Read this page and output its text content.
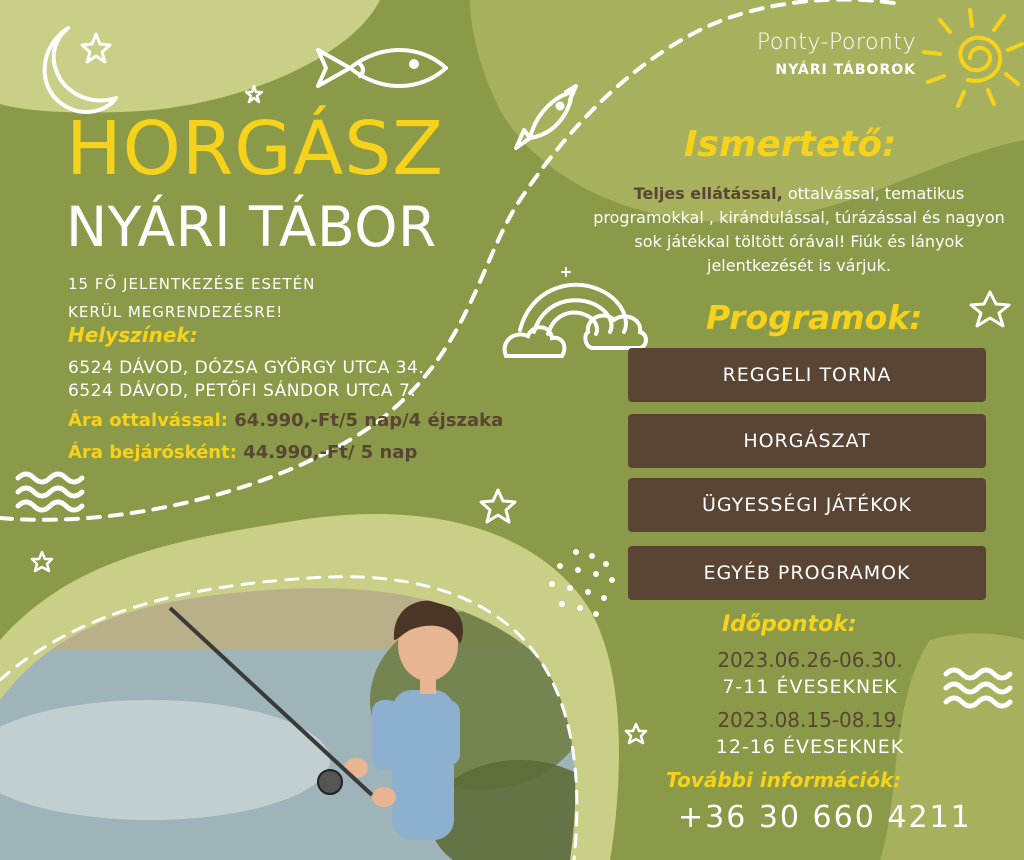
Ponty-Poronty
NYÁRI TÁBOROK
HORGÁSZ
NYÁRI TÁBOR
15 FŐ JELENTKEZÉSE ESETÉN KERÜL MEGRENDEZÉSRE!
Helyszínek:
6524 DÁVOD, DÓZSA GYÖRGY UTCA 34.
6524 DÁVOD, PETŐFI SÁNDOR UTCA 7.
Ára ottalvással: 64.990,-Ft/5 nap/4 éjszaka
Ára bejárósként: 44.990,-Ft/ 5 nap
Ismertető:
Teljes ellátással, ottalvással, tematikus programokkal , kirándulással, túrázással és nagyon sok játékkal töltött órával! Fiúk és lányok jelentkezését is várjuk.
Programok:
REGGELI TORNA
HORGÁSZAT
ÜGYESSÉGI JÁTÉKOK
EGYÉB PROGRAMOK
Időpontok:
2023.06.26-06.30.
7-11 ÉVESEKNEK
2023.08.15-08.19.
12-16 ÉVESEKNEK
További információk:
+36 30 660 4211
